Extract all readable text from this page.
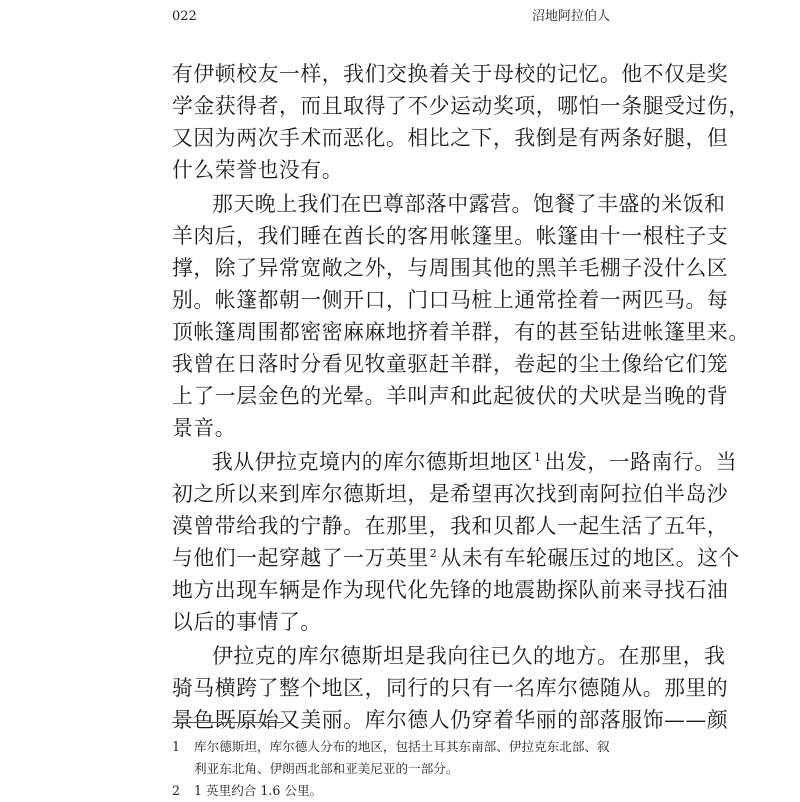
022	沼地阿拉伯人
有伊顿校友一样，我们交换着关于母校的记忆。他不仅是奖
学金获得者，而且取得了不少运动奖项，哪怕一条腿受过伤，
又因为两次手术而恶化。相比之下，我倒是有两条好腿，但
什么荣誉也没有。
那天晚上我们在巴尊部落中露营。饱餐了丰盛的米饭和
羊肉后，我们睡在酋长的客用帐篷里。帐篷由十一根柱子支
撑，除了异常宽敞之外，与周围其他的黑羊毛棚子没什么区
别。帐篷都朝一侧开口，门口马桩上通常拴着一两匹马。每
顶帐篷周围都密密麻麻地挤着羊群，有的甚至钻进帐篷里来。
我曾在日落时分看见牧童驱赶羊群，卷起的尘土像给它们笼
上了一层金色的光晕。羊叫声和此起彼伏的犬吠是当晚的背
景音。
我从伊拉克境内的库尔德斯坦地区$^1$ 出发，一路南行。当
初之所以来到库尔德斯坦，是希望再次找到南阿拉伯半岛沙
漠曾带给我的宁静。在那里，我和贝都人一起生活了五年，
与他们一起穿越了一万英里$^2$ 从未有车轮碾压过的地区。这个
地方出现车辆是作为现代化先锋的地震勘探队前来寻找石油
以后的事情了。
伊拉克的库尔德斯坦是我向往已久的地方。在那里，我
骑马横跨了整个地区，同行的只有一名库尔德随从。那里的
景色既原始又美丽。库尔德人仍穿着华丽的部落服饰——颜
1 库尔德斯坦，库尔德人分布的地区，包括土耳其东南部、伊拉克东北部、叙
利亚东北角、伊朗西北部和亚美尼亚的一部分。
2 1 英里约合 1.6 公里。
